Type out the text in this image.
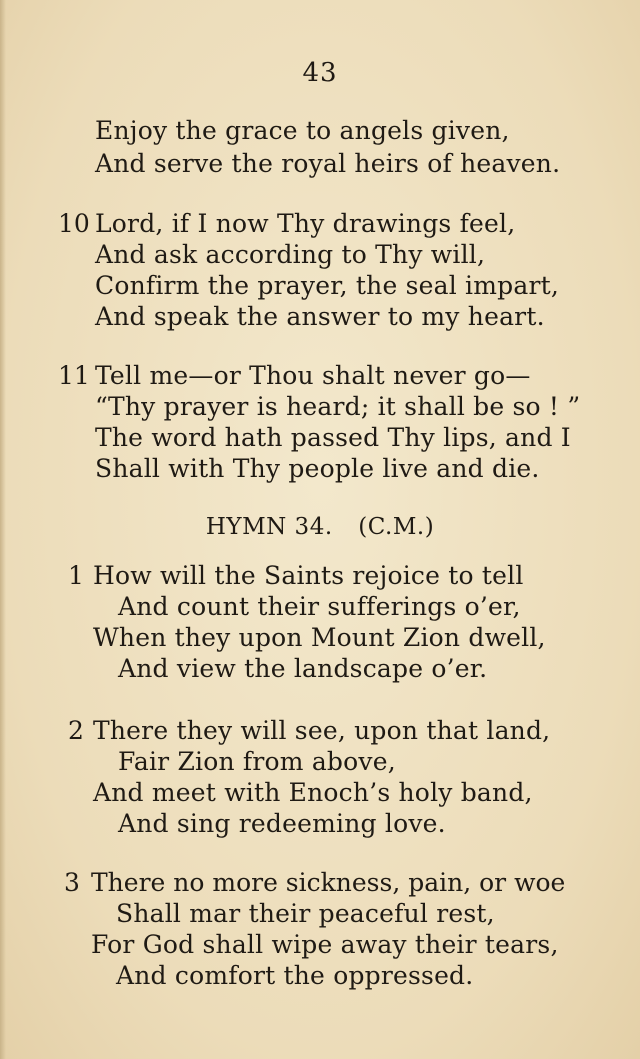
43
Enjoy the grace to angels given,
And serve the royal heirs of heaven.
10 Lord, if I now Thy drawings feel,
And ask according to Thy will,
Confirm the prayer, the seal impart,
And speak the answer to my heart.
11 Tell me—or Thou shalt never go—
“Thy prayer is heard; it shall be so ! ”
The word hath passed Thy lips, and I
Shall with Thy people live and die.
HYMN 34. (C.M.)
1 How will the Saints rejoice to tell
And count their sufferings o’er,
When they upon Mount Zion dwell,
And view the landscape o’er.
2 There they will see, upon that land,
Fair Zion from above,
And meet with Enoch’s holy band,
And sing redeeming love.
3 There no more sickness, pain, or woe
Shall mar their peaceful rest,
For God shall wipe away their tears,
And comfort the oppressed.
